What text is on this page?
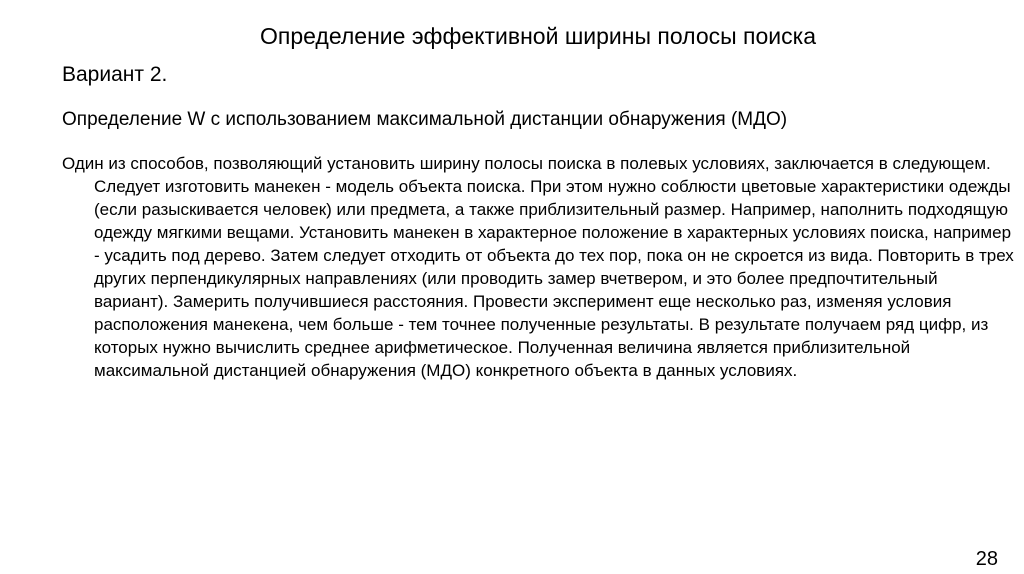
Определение эффективной ширины полосы поиска
Вариант 2.
Определение W с использованием максимальной дистанции обнаружения (МДО)

Один из способов, позволяющий установить ширину полосы поиска в полевых условиях, заключается в следующем. Следует изготовить манекен - модель объекта поиска. При этом нужно соблюсти цветовые характеристики одежды (если разыскивается человек) или предмета, а также приблизительный размер. Например, наполнить подходящую одежду мягкими вещами. Установить манекен в характерное положение в характерных условиях поиска, например - усадить под дерево. Затем следует отходить от объекта до тех пор, пока он не скроется из вида. Повторить в трех других перпендикулярных направлениях (или проводить замер вчетвером, и это более предпочтительный вариант). Замерить получившиеся расстояния. Провести эксперимент еще несколько раз, изменяя условия расположения манекена, чем больше - тем точнее полученные результаты. В результате получаем ряд цифр, из которых нужно вычислить среднее арифметическое. Полученная величина является приблизительной максимальной дистанцией обнаружения (МДО) конкретного объекта в данных условиях.

28
